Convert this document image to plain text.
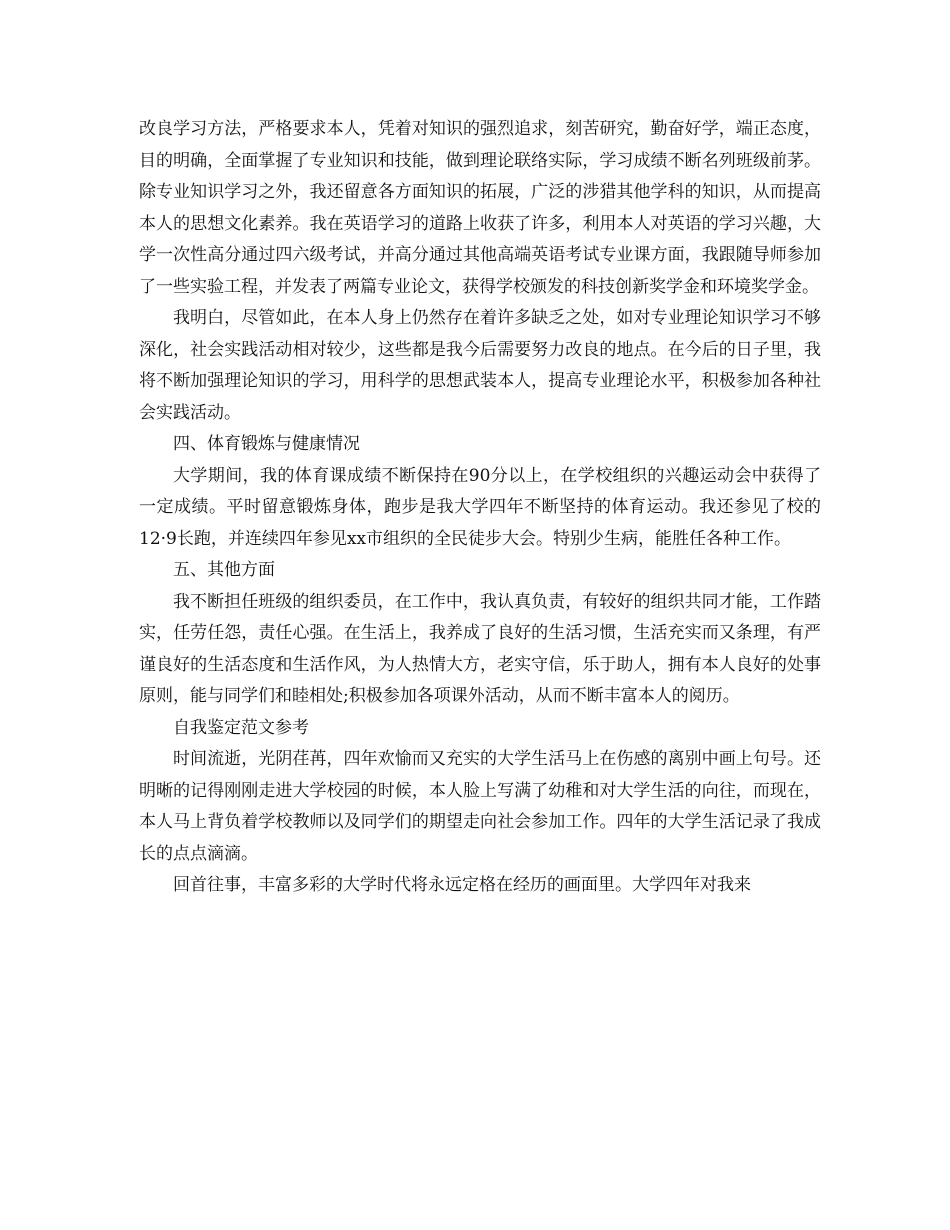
改良学习方法，严格要求本人，凭着对知识的强烈追求，刻苦研究，勤奋好学，端正态度，目的明确，全面掌握了专业知识和技能，做到理论联络实际，学习成绩不断名列班级前茅。除专业知识学习之外，我还留意各方面知识的拓展，广泛的涉猎其他学科的知识，从而提高本人的思想文化素养。我在英语学习的道路上收获了许多，利用本人对英语的学习兴趣，大学一次性高分通过四六级考试，并高分通过其他高端英语考试专业课方面，我跟随导师参加了一些实验工程，并发表了两篇专业论文，获得学校颁发的科技创新奖学金和环境奖学金。

我明白，尽管如此，在本人身上仍然存在着许多缺乏之处，如对专业理论知识学习不够深化，社会实践活动相对较少，这些都是我今后需要努力改良的地点。在今后的日子里，我将不断加强理论知识的学习，用科学的思想武装本人，提高专业理论水平，积极参加各种社会实践活动。

四、体育锻炼与健康情况

大学期间，我的体育课成绩不断保持在90分以上，在学校组织的兴趣运动会中获得了一定成绩。平时留意锻炼身体，跑步是我大学四年不断坚持的体育运动。我还参见了校的12·9长跑，并连续四年参见xx市组织的全民徒步大会。特别少生病，能胜任各种工作。

五、其他方面

我不断担任班级的组织委员，在工作中，我认真负责，有较好的组织共同才能，工作踏实，任劳任怨，责任心强。在生活上，我养成了良好的生活习惯，生活充实而又条理，有严谨良好的生活态度和生活作风，为人热情大方，老实守信，乐于助人，拥有本人良好的处事原则，能与同学们和睦相处;积极参加各项课外活动，从而不断丰富本人的阅历。

自我鉴定范文参考

时间流逝，光阴荏苒，四年欢愉而又充实的大学生活马上在伤感的离别中画上句号。还明晰的记得刚刚走进大学校园的时候，本人脸上写满了幼稚和对大学生活的向往，而现在，本人马上背负着学校教师以及同学们的期望走向社会参加工作。四年的大学生活记录了我成长的点点滴滴。

回首往事，丰富多彩的大学时代将永远定格在经历的画面里。大学四年对我来
